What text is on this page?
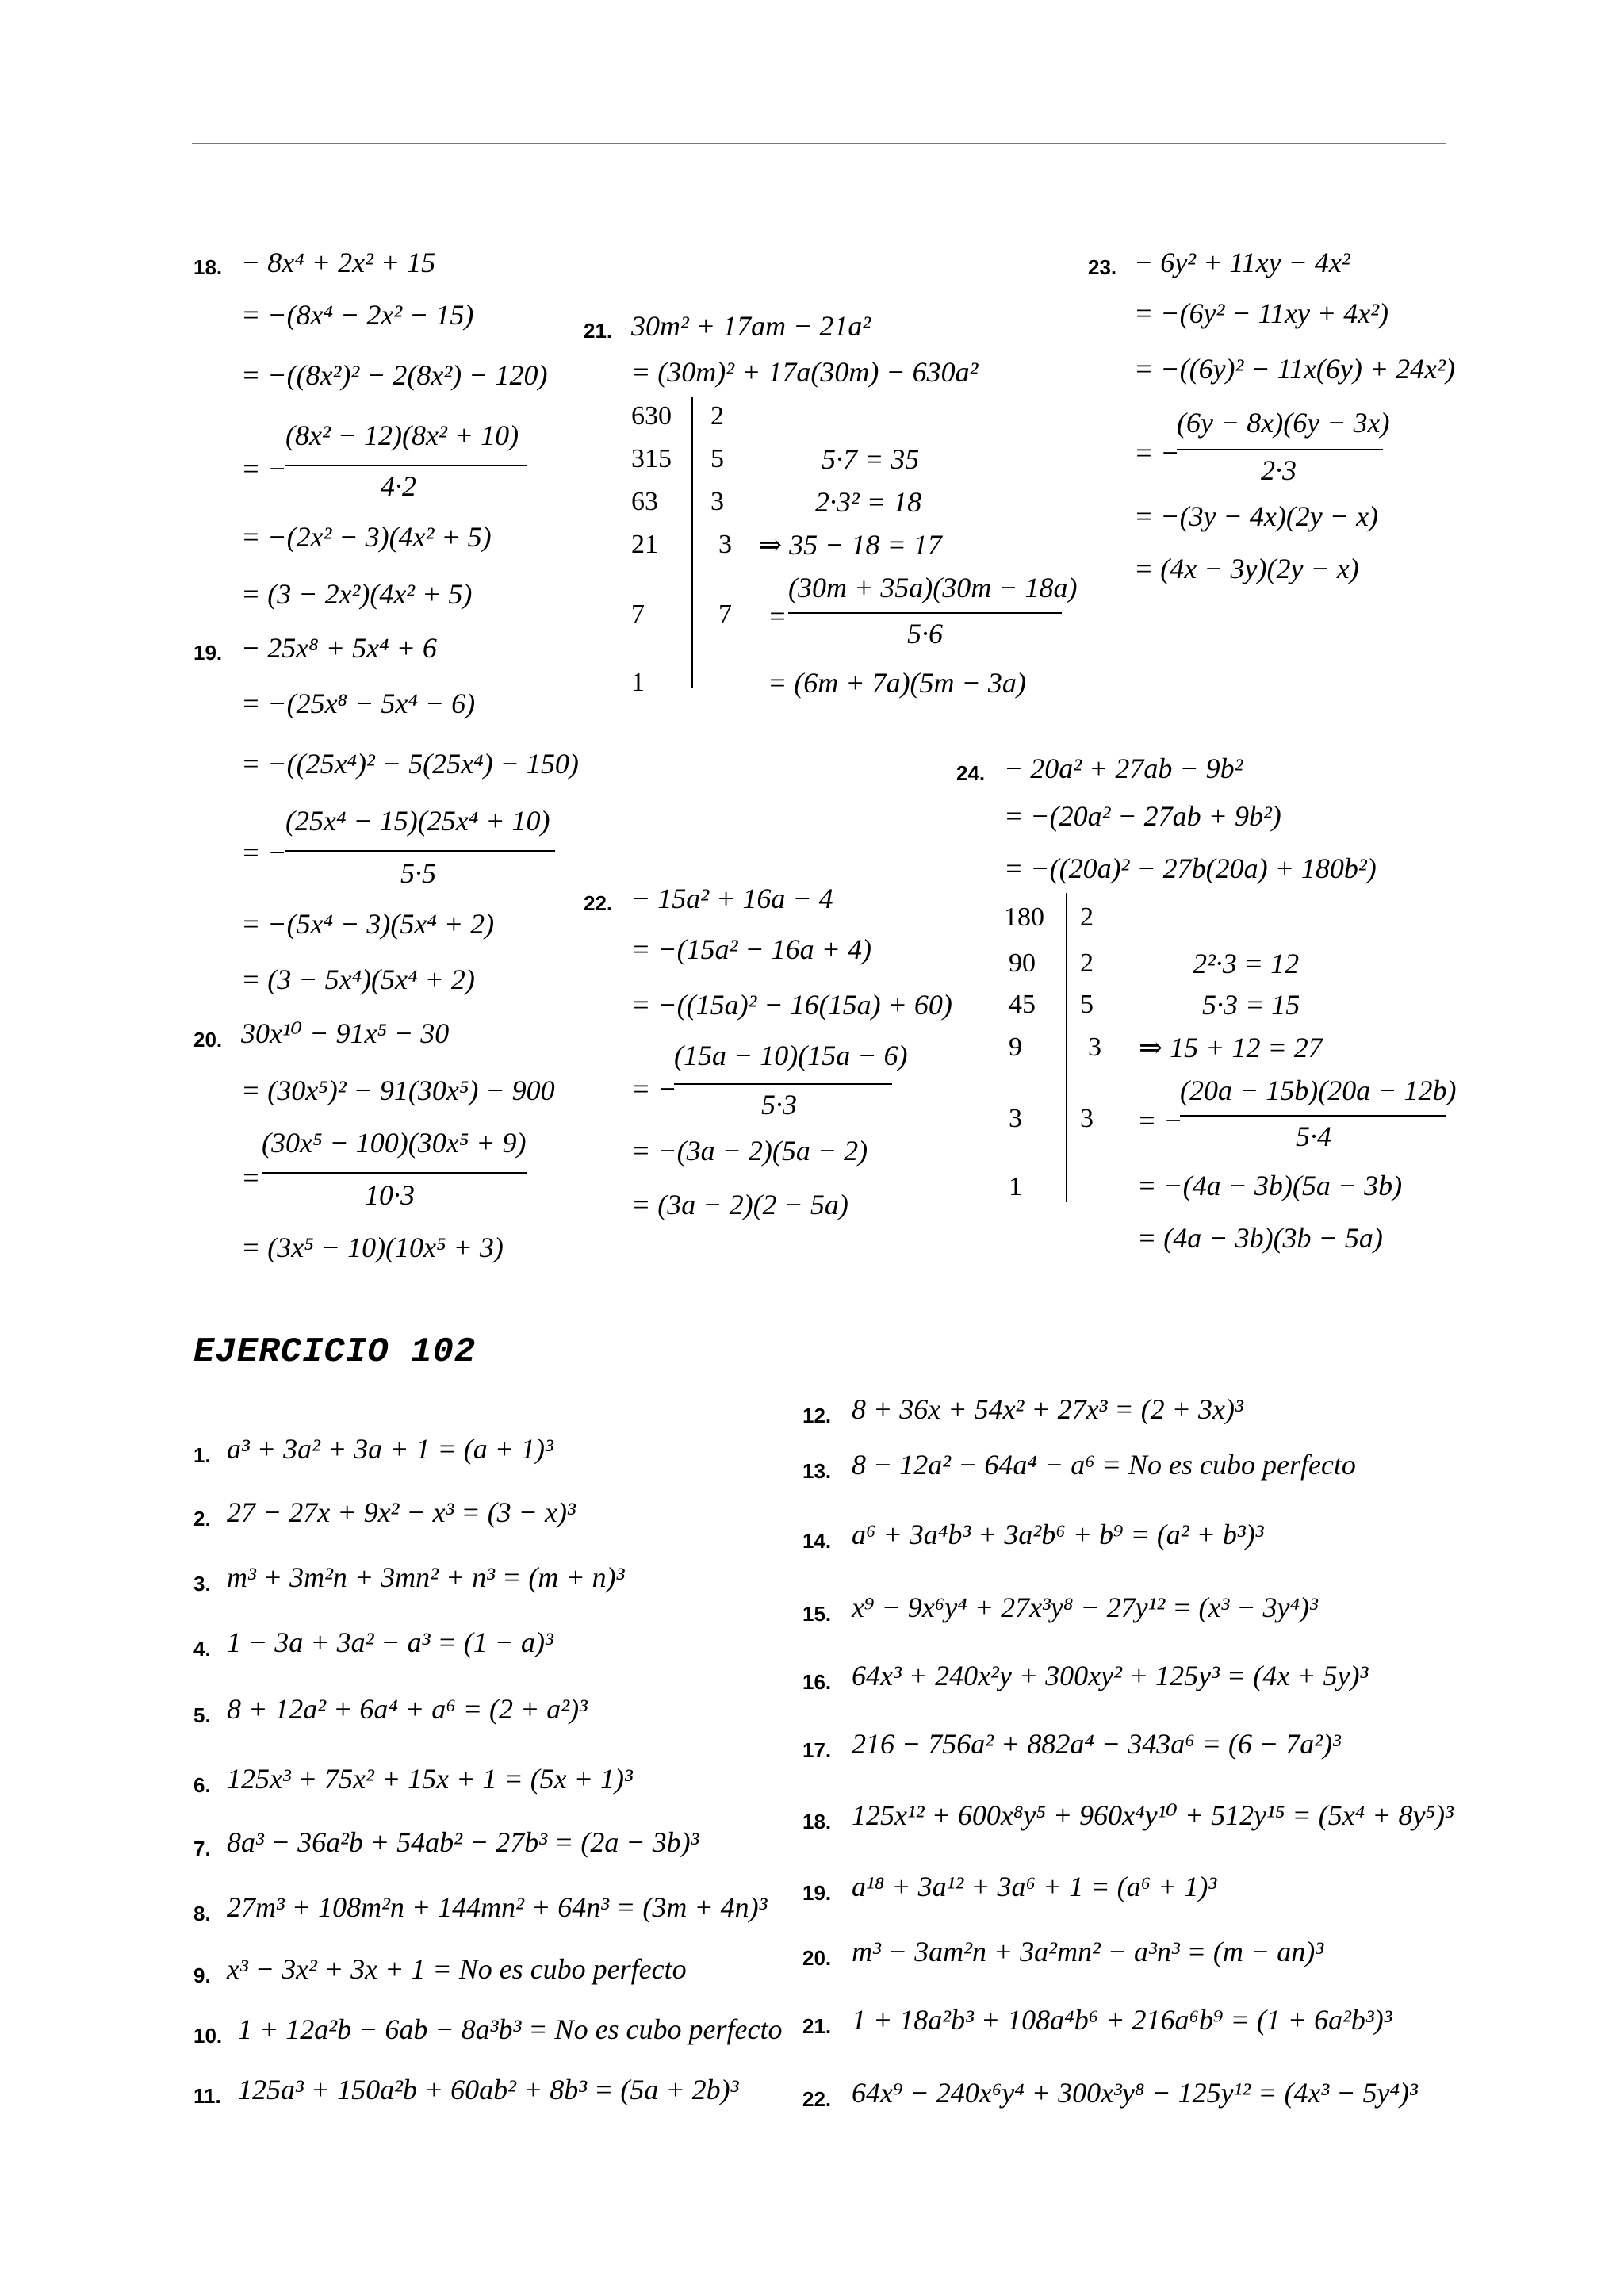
18. − 8x⁴ + 2x² + 15
= −(8x⁴ − 2x² − 15)
= −((8x²)² − 2(8x²) − 120)
= −
(8x² − 12)(8x² + 10)
4·2
= −(2x² − 3)(4x² + 5)
= (3 − 2x²)(4x² + 5)
19. − 25x⁸ + 5x⁴ + 6
= −(25x⁸ − 5x⁴ − 6)
= −((25x⁴)² − 5(25x⁴) − 150)
= −
(25x⁴ − 15)(25x⁴ + 10)
5·5
= −(5x⁴ − 3)(5x⁴ + 2)
= (3 − 5x⁴)(5x⁴ + 2)
20. 30x¹⁰ − 91x⁵ − 30
= (30x⁵)² − 91(30x⁵) − 900
=
(30x⁵ − 100)(30x⁵ + 9)
10·3
= (3x⁵ − 10)(10x⁵ + 3)
21. 30m² + 17am − 21a²
= (30m)² + 17a(30m) − 630a²
630
315
63
21
7
1
2
5
3
3
7
5·7 = 35
2·3² = 18
⇒ 35 − 18 = 17
=
(30m + 35a)(30m − 18a)
5·6
= (6m + 7a)(5m − 3a)
22. − 15a² + 16a − 4
= −(15a² − 16a + 4)
= −((15a)² − 16(15a) + 60)
= −
(15a − 10)(15a − 6)
5·3
= −(3a − 2)(5a − 2)
= (3a − 2)(2 − 5a)
23. − 6y² + 11xy − 4x²
= −(6y² − 11xy + 4x²)
= −((6y)² − 11x(6y) + 24x²)
= −
(6y − 8x)(6y − 3x)
2·3
= −(3y − 4x)(2y − x)
= (4x − 3y)(2y − x)
24. − 20a² + 27ab − 9b²
= −(20a² − 27ab + 9b²)
= −((20a)² − 27b(20a) + 180b²)
180
90
45
9
3
1
2
2
5
3
3
2²·3 = 12
5·3 = 15
⇒ 15 + 12 = 27
= −
(20a − 15b)(20a − 12b)
5·4
= −(4a − 3b)(5a − 3b)
= (4a − 3b)(3b − 5a)
EJERCICIO 102
1. a³ + 3a² + 3a + 1 = (a + 1)³
2. 27 − 27x + 9x² − x³ = (3 − x)³
3. m³ + 3m²n + 3mn² + n³ = (m + n)³
4. 1 − 3a + 3a² − a³ = (1 − a)³
5. 8 + 12a² + 6a⁴ + a⁶ = (2 + a²)³
6. 125x³ + 75x² + 15x + 1 = (5x + 1)³
7. 8a³ − 36a²b + 54ab² − 27b³ = (2a − 3b)³
8. 27m³ + 108m²n + 144mn² + 64n³ = (3m + 4n)³
9. x³ − 3x² + 3x + 1 = No es cubo perfecto
10. 1 + 12a²b − 6ab − 8a³b³ = No es cubo perfecto
11. 125a³ + 150a²b + 60ab² + 8b³ = (5a + 2b)³
12. 8 + 36x + 54x² + 27x³ = (2 + 3x)³
13. 8 − 12a² − 64a⁴ − a⁶ = No es cubo perfecto
14. a⁶ + 3a⁴b³ + 3a²b⁶ + b⁹ = (a² + b³)³
15. x⁹ − 9x⁶y⁴ + 27x³y⁸ − 27y¹² = (x³ − 3y⁴)³
16. 64x³ + 240x²y + 300xy² + 125y³ = (4x + 5y)³
17. 216 − 756a² + 882a⁴ − 343a⁶ = (6 − 7a²)³
18. 125x¹² + 600x⁸y⁵ + 960x⁴y¹⁰ + 512y¹⁵ = (5x⁴ + 8y⁵)³
19. a¹⁸ + 3a¹² + 3a⁶ + 1 = (a⁶ + 1)³
20. m³ − 3am²n + 3a²mn² − a³n³ = (m − an)³
21. 1 + 18a²b³ + 108a⁴b⁶ + 216a⁶b⁹ = (1 + 6a²b³)³
22. 64x⁹ − 240x⁶y⁴ + 300x³y⁸ − 125y¹² = (4x³ − 5y⁴)³
